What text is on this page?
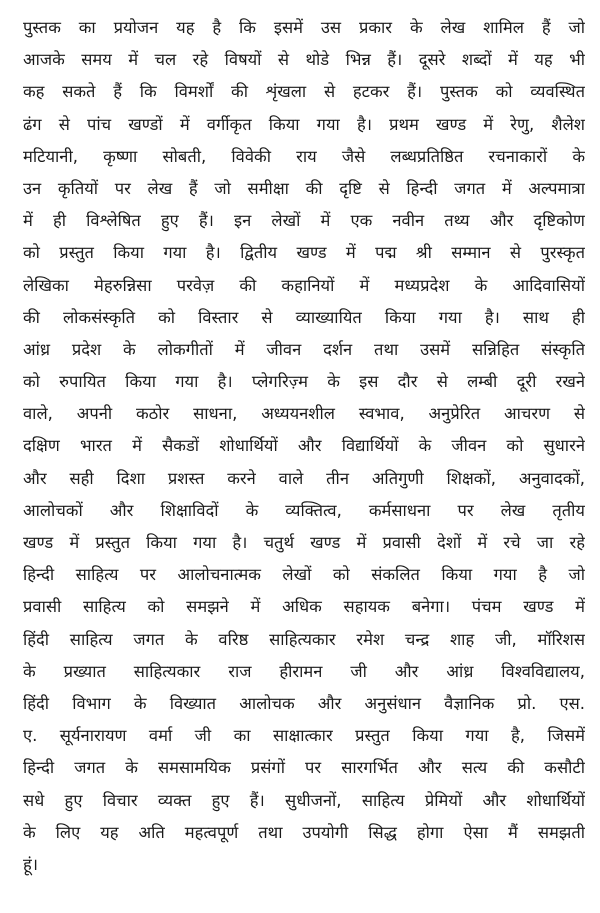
पुस्तक का प्रयोजन यह है कि इसमें उस प्रकार के लेख शामिल हैं जो
आजके समय में चल रहे विषयों से थोडे भिन्न हैं। दूसरे शब्दों में यह भी
कह सकते हैं कि विमर्शों की शृंखला से हटकर हैं। पुस्तक को व्यवस्थित
ढंग से पांच खण्डों में वर्गीकृत किया गया है। प्रथम खण्ड में रेणु, शैलेश
मटियानी, कृष्णा सोबती, विवेकी राय जैसे लब्धप्रतिष्ठित रचनाकारों के
उन कृतियों पर लेख हैं जो समीक्षा की दृष्टि से हिन्दी जगत में अल्पमात्रा
में ही विश्लेषित हुए हैं। इन लेखों में एक नवीन तथ्य और दृष्टिकोण
को प्रस्तुत किया गया है। द्वितीय खण्ड में पद्म श्री सम्मान से पुरस्कृत
लेखिका मेहरुन्निसा परवेज़ की कहानियों में मध्यप्रदेश के आदिवासियों
की लोकसंस्कृति को विस्तार से व्याख्यायित किया गया है। साथ ही
आंध्र प्रदेश के लोकगीतों में जीवन दर्शन तथा उसमें सन्निहित संस्कृति
को रुपायित किया गया है। प्लेगरिज़्म के इस दौर से लम्बी दूरी रखने
वाले, अपनी कठोर साधना, अध्ययनशील स्वभाव, अनुप्रेरित आचरण से
दक्षिण भारत में सैकडों शोधार्थियों और विद्यार्थियों के जीवन को सुधारने
और सही दिशा प्रशस्त करने वाले तीन अतिगुणी शिक्षकों, अनुवादकों,
आलोचकों और शिक्षाविदों के व्यक्तित्व, कर्मसाधना पर लेख तृतीय
खण्ड में प्रस्तुत किया गया है। चतुर्थ खण्ड में प्रवासी देशों में रचे जा रहे
हिन्दी साहित्य पर आलोचनात्मक लेखों को संकलित किया गया है जो
प्रवासी साहित्य को समझने में अधिक सहायक बनेगा। पंचम खण्ड में
हिंदी साहित्य जगत के वरिष्ठ साहित्यकार रमेश चन्द्र शाह जी, मॉरिशस
के प्रख्यात साहित्यकार राज हीरामन जी और आंध्र विश्वविद्यालय,
हिंदी विभाग के विख्यात आलोचक और अनुसंधान वैज्ञानिक प्रो. एस.
ए. सूर्यनारायण वर्मा जी का साक्षात्कार प्रस्तुत किया गया है, जिसमें
हिन्दी जगत के समसामयिक प्रसंगों पर सारगर्भित और सत्य की कसौटी
सधे हुए विचार व्यक्त हुए हैं। सुधीजनों, साहित्य प्रेमियों और शोधार्थियों
के लिए यह अति महत्वपूर्ण तथा उपयोगी सिद्ध होगा ऐसा मैं समझती
हूं।
